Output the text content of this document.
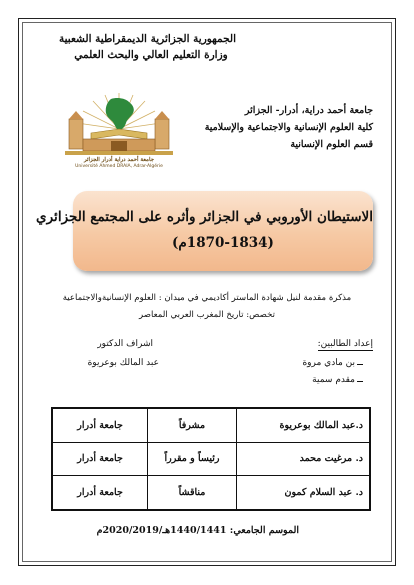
الجمهورية الجزائرية الديمقراطية الشعبية
وزارة التعليم العالي والبحث العلمي
جامعة أحمد دراية، أدرار- الجزائر
كلية العلوم الإنسانية والاجتماعية والإسلامية
قسم العلوم الإنسانية
جامعة أحمد دراية أدرار الجزائر
Université Ahmed DRAIA, Adrar-Algérie
الاستيطان الأوروبي في الجزائر وأثره على المجتمع الجزائري
(1870-1834م)
مذكرة مقدمة لنيل شهادة الماستر أكاديمي في ميدان : العلوم الإنسانيةوالاجتماعية
تخصص: تاريخ المغرب العربي المعاصر
إعداد الطالبين:
بن مادي مروة
مقدم سمية
اشراف الدكتور
عبد المالك بوعريوة
د.عبد المالك بوعريوة	مشرفاً	جامعة أدرار
د. مرغيت محمد	رئيساً و مقرراً	جامعة أدرار
د. عبد السلام كمون	مناقشاً	جامعة أدرار
الموسم الجامعي: 1440/1441هـ/2020/2019م
